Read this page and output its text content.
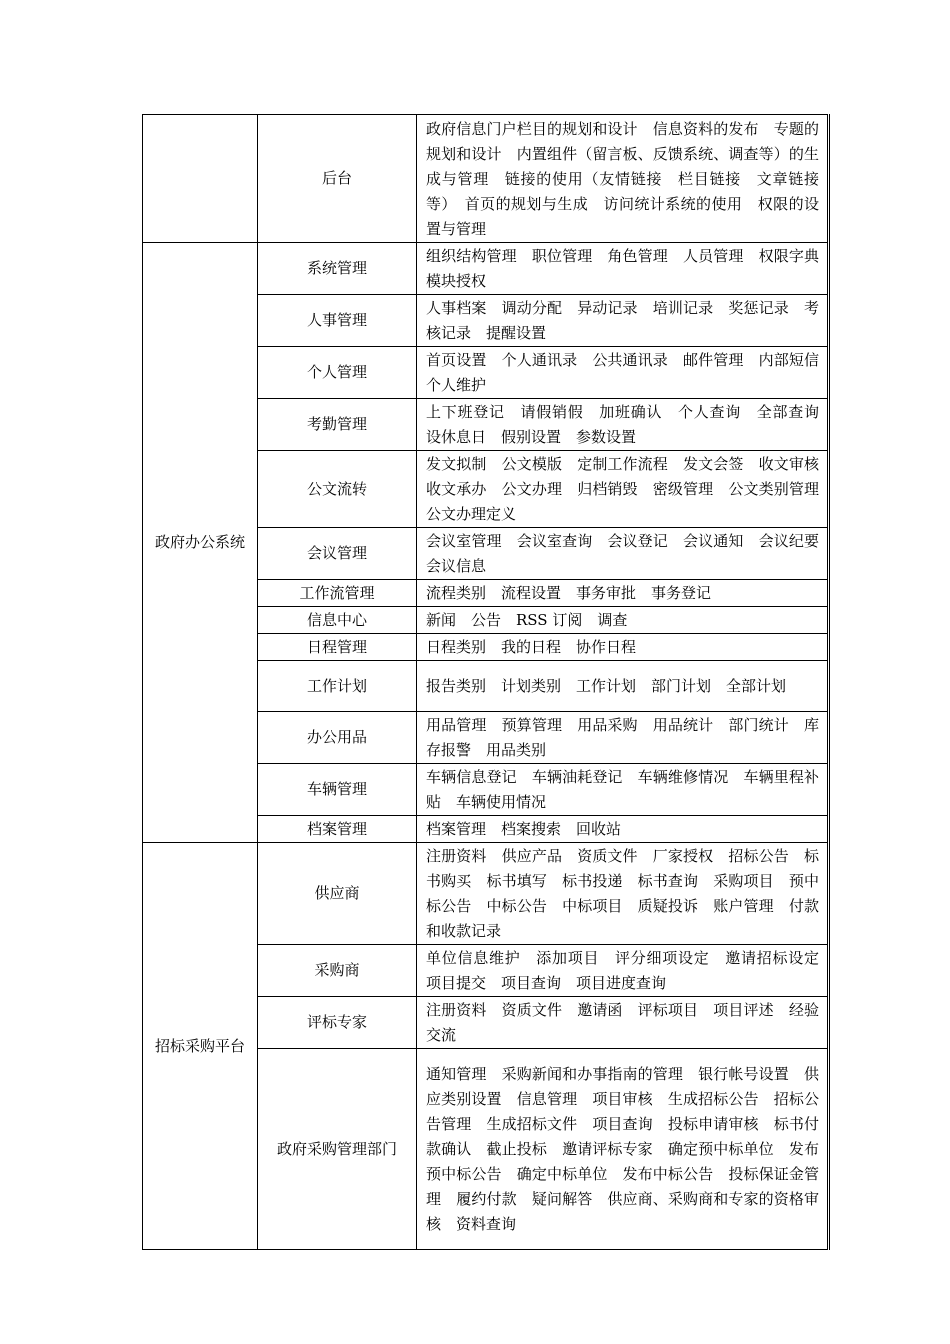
	后台	政府信息门户栏目的规划和设计　信息资料的发布　专题的规划和设计　内置组件（留言板、反馈系统、调查等）的生成与管理　链接的使用（友情链接　栏目链接　文章链接等）　首页的规划与生成　访问统计系统的使用　权限的设置与管理
政府办公系统	系统管理	组织结构管理　职位管理　角色管理　人员管理　权限字典模块授权
	人事管理	人事档案　调动分配　异动记录　培训记录　奖惩记录　考核记录　提醒设置
	个人管理	首页设置　个人通讯录　公共通讯录　邮件管理　内部短信　个人维护
	考勤管理	上下班登记　请假销假　加班确认　个人查询　全部查询　设休息日　假别设置　参数设置
	公文流转	发文拟制　公文模版　定制工作流程　发文会签　收文审核收文承办　公文办理　归档销毁　密级管理　公文类别管理　公文办理定义
	会议管理	会议室管理　会议室查询　会议登记　会议通知　会议纪要　会议信息
	工作流管理	流程类别　流程设置　事务审批　事务登记
	信息中心	新闻　公告　RSS 订阅　调查
	日程管理	日程类别　我的日程　协作日程
	工作计划	报告类别　计划类别　工作计划　部门计划　全部计划
	办公用品	用品管理　预算管理　用品采购　用品统计　部门统计　库存报警　用品类别
	车辆管理	车辆信息登记　车辆油耗登记　车辆维修情况　车辆里程补贴　车辆使用情况
	档案管理	档案管理　档案搜索　回收站
招标采购平台	供应商	注册资料　供应产品　资质文件　厂家授权　招标公告　标书购买　标书填写　标书投递　标书查询　采购项目　预中标公告　中标公告　中标项目　质疑投诉　账户管理　付款和收款记录
	采购商	单位信息维护　添加项目　评分细项设定　邀请招标设定　项目提交　项目查询　项目进度查询
	评标专家	注册资料　资质文件　邀请函　评标项目　项目评述　经验交流
	政府采购管理部门	通知管理　采购新闻和办事指南的管理　银行帐号设置　供应类别设置　信息管理　项目审核　生成招标公告　招标公告管理　生成招标文件　项目查询　投标申请审核　标书付款确认　截止投标　邀请评标专家　确定预中标单位　发布预中标公告　确定中标单位　发布中标公告　投标保证金管理　履约付款　疑问解答　供应商、采购商和专家的资格审核　资料查询
